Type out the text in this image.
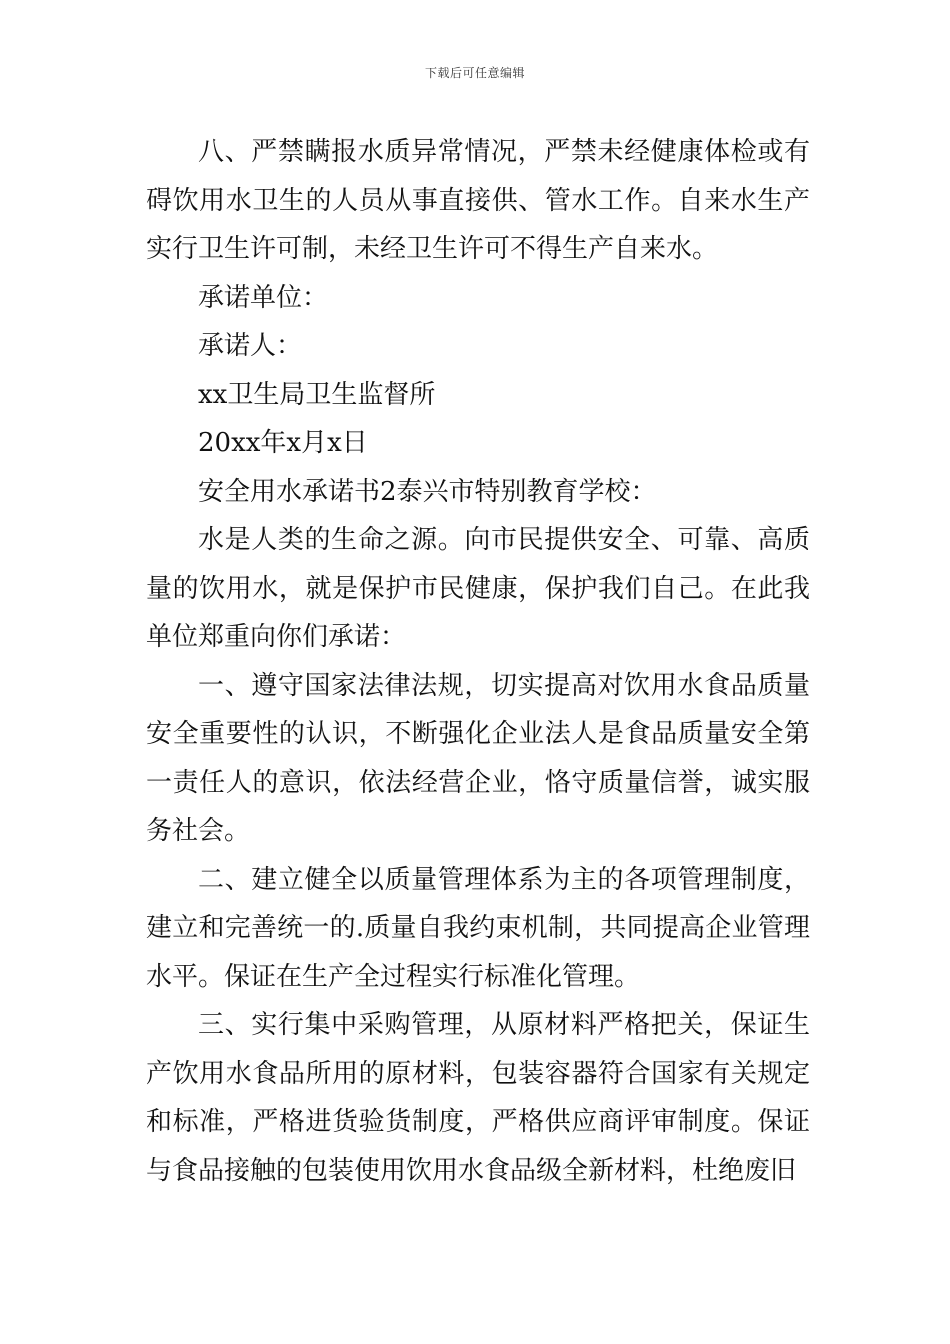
下载后可任意编辑

八、严禁瞒报水质异常情况，严禁未经健康体检或有碍饮用水卫生的人员从事直接供、管水工作。自来水生产实行卫生许可制，未经卫生许可不得生产自来水。

承诺单位：

承诺人：

xx卫生局卫生监督所

20xx年x月x日

安全用水承诺书2泰兴市特别教育学校：

水是人类的生命之源。向市民提供安全、可靠、高质量的饮用水，就是保护市民健康，保护我们自己。在此我单位郑重向你们承诺：

一、遵守国家法律法规，切实提高对饮用水食品质量安全重要性的认识，不断强化企业法人是食品质量安全第一责任人的意识，依法经营企业，恪守质量信誉，诚实服务社会。

二、建立健全以质量管理体系为主的各项管理制度，建立和完善统一的.质量自我约束机制，共同提高企业管理水平。保证在生产全过程实行标准化管理。

三、实行集中采购管理，从原材料严格把关，保证生产饮用水食品所用的原材料，包装容器符合国家有关规定和标准，严格进货验货制度，严格供应商评审制度。保证与食品接触的包装使用饮用水食品级全新材料，杜绝废旧
